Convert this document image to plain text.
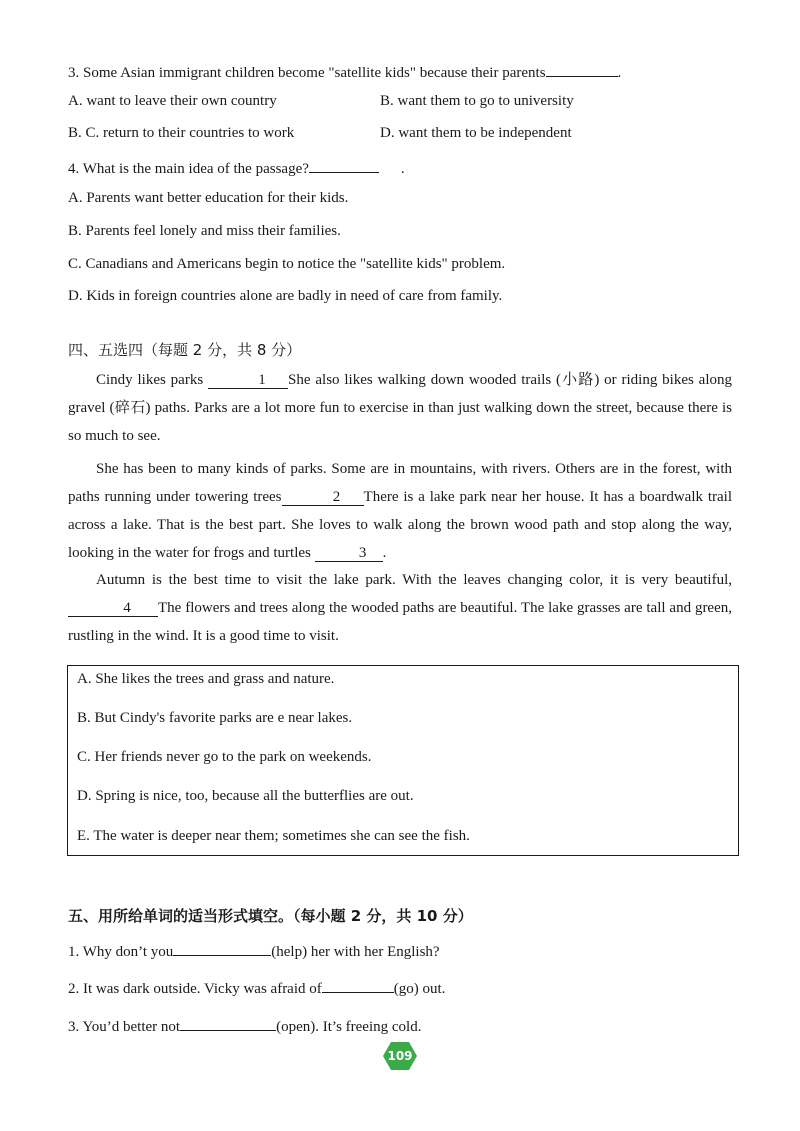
3. Some Asian immigrant children become "satellite kids" because their parents	.
A. want to leave their own country	B. want them to go to university
B. C. return to their countries to work	D. want them to be independent
4. What is the main idea of the passage?	.
A. Parents want better education for their kids.
B. Parents feel lonely and miss their families.
C. Canadians and Americans begin to notice the "satellite kids" problem.
D. Kids in foreign countries alone are badly in need of care from family.
四、五选四（每题 2 分，共 8 分）
Cindy likes parks	1 She also likes walking down wooded trails (小路) or riding bikes along gravel (碎石) paths. Parks are a lot more fun to exercise in than just walking down the street, because there is so much to see.
She has been to many kinds of parks. Some are in mountains, with rivers. Others are in the forest, with paths running under towering trees	2 There is a lake park near her house. It has a boardwalk trail across a lake. That is the best part. She loves to walk along the brown wood path and stop along the way, looking in the water for frogs and turtles	3 .
Autumn is the best time to visit the lake park. With the leaves changing color, it is very beautiful, 4 The flowers and trees along the wooded paths are beautiful. The lake grasses are tall and green, rustling in the wind. It is a good time to visit.
A. She likes the trees and grass and nature.
B. But Cindy's favorite parks are e near lakes.
C. Her friends never go to the park on weekends.
D. Spring is nice, too, because all the butterflies are out.
E. The water is deeper near them; sometimes she can see the fish.
五、用所给单词的适当形式填空。（每小题 2 分，共 10 分）
1. Why don’t you	(help) her with her English?
2. It was dark outside. Vicky was afraid of	(go) out.
3. You’d better not	(open). It’s freeing cold.
109
